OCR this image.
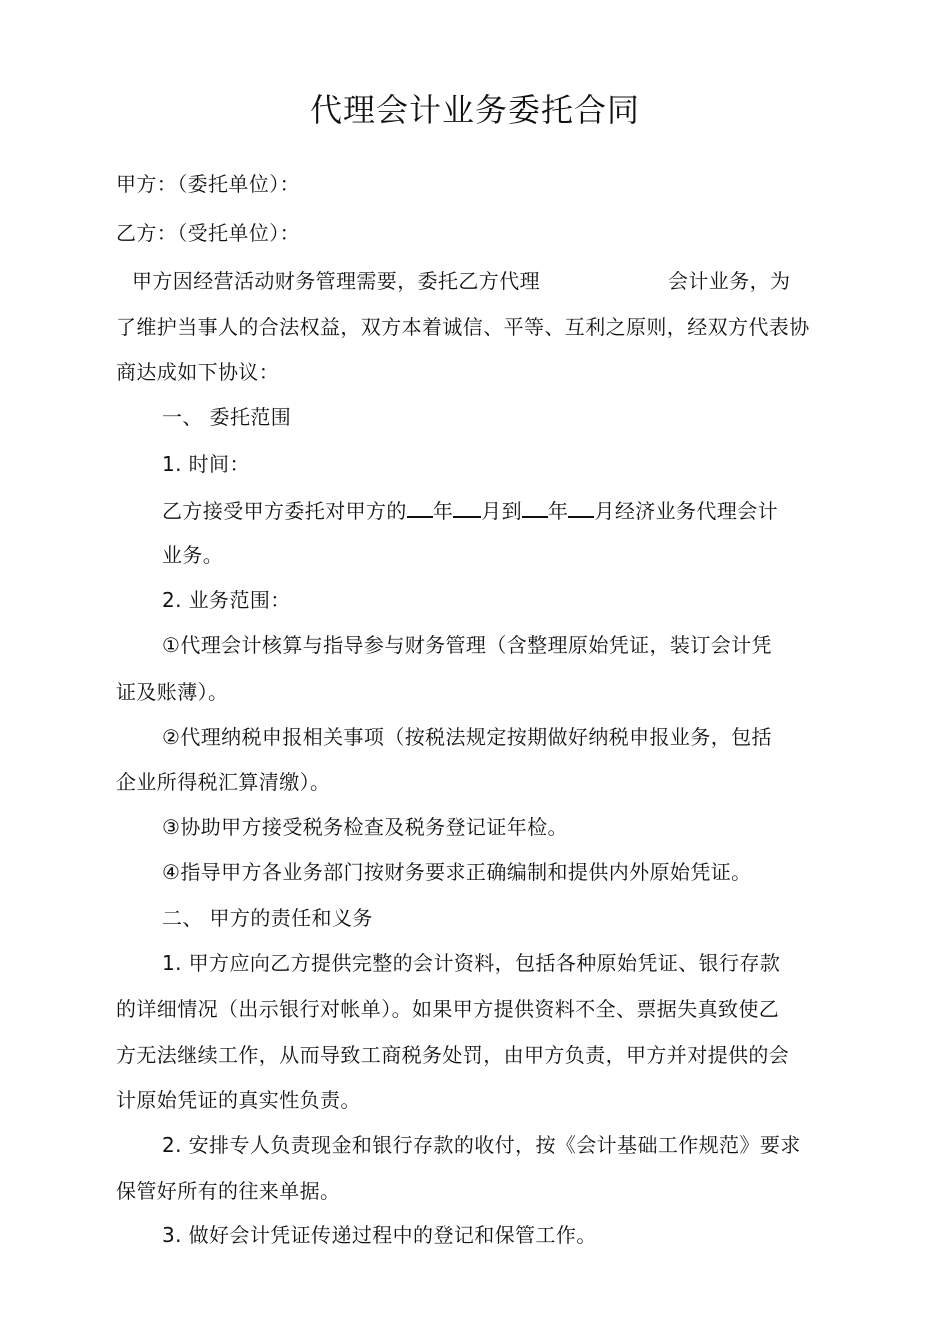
代理会计业务委托合同
甲方：（委托单位）：
乙方：（受托单位）：
甲方因经营活动财务管理需要，委托乙方代理	会计业务，为
了维护当事人的合法权益，双方本着诚信、平等、互利之原则，经双方代表协
商达成如下协议：
一、 委托范围
1. 时间：
乙方接受甲方委托对甲方的 年 月到 年 月经济业务代理会计
业务。
2. 业务范围：
①代理会计核算与指导参与财务管理（含整理原始凭证，装订会计凭
证及账薄）。
②代理纳税申报相关事项（按税法规定按期做好纳税申报业务，包括
企业所得税汇算清缴）。
③协助甲方接受税务检查及税务登记证年检。
④指导甲方各业务部门按财务要求正确编制和提供内外原始凭证。
二、 甲方的责任和义务
1. 甲方应向乙方提供完整的会计资料，包括各种原始凭证、银行存款
的详细情况（出示银行对帐单）。如果甲方提供资料不全、票据失真致使乙
方无法继续工作，从而导致工商税务处罚，由甲方负责，甲方并对提供的会
计原始凭证的真实性负责。
2. 安排专人负责现金和银行存款的收付，按《会计基础工作规范》要求
保管好所有的往来单据。
3. 做好会计凭证传递过程中的登记和保管工作。
